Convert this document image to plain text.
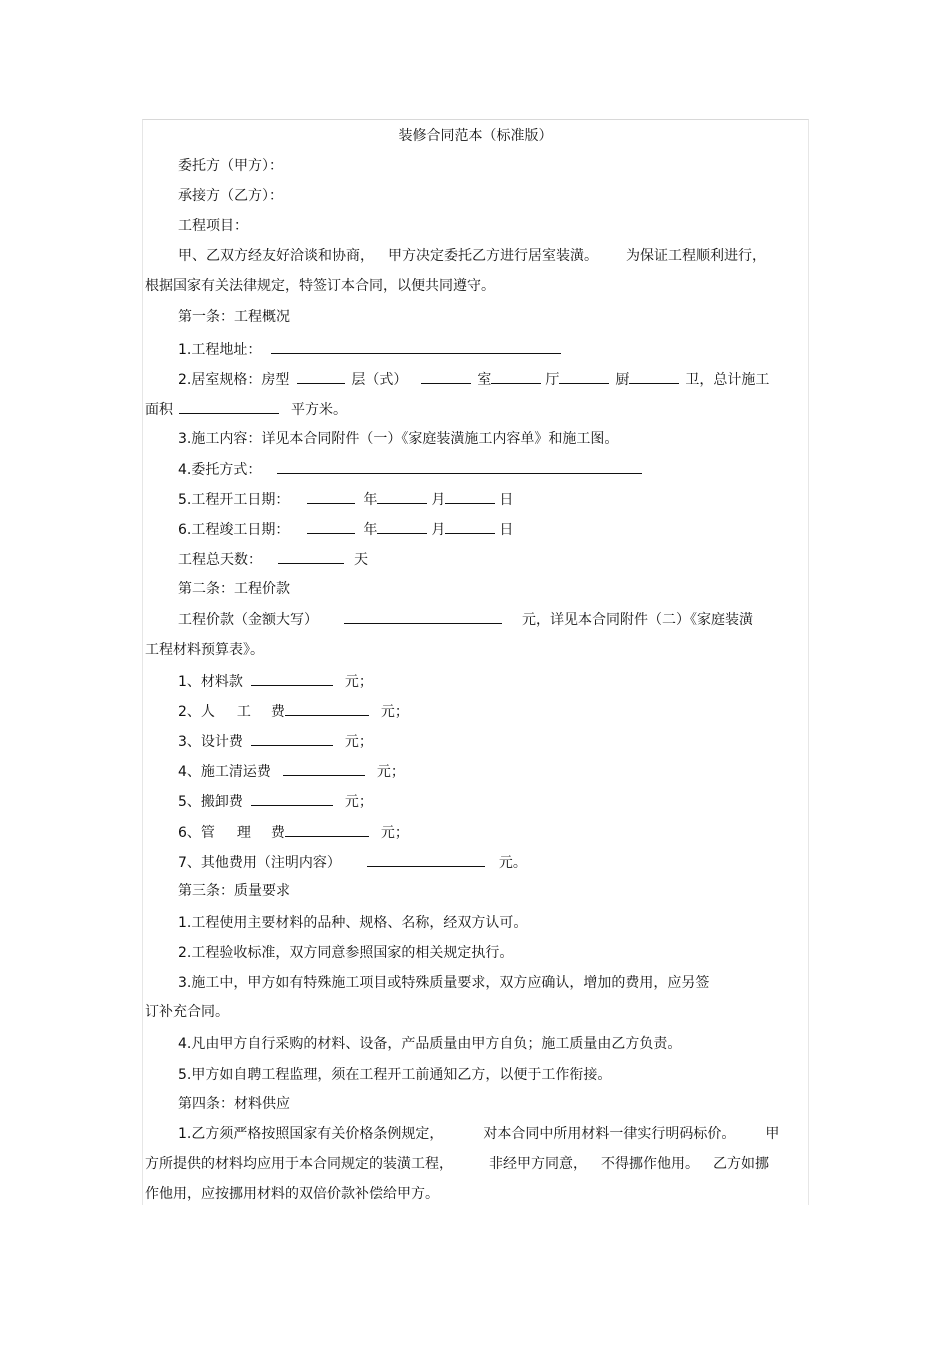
装修合同范本（标准版）
委托方（甲方）：
承接方（乙方）：
工程项目：
甲、乙双方经友好洽谈和协商， 甲方决定委托乙方进行居室装潢。 为保证工程顺利进行，
根据国家有关法律规定，特签订本合同，以便共同遵守。
第一条：工程概况
1.工程地址：
2.居室规格：房型	层（式）	室	厅	厨	卫，总计施工
面积	平方米。
3.施工内容：详见本合同附件（一）《家庭装潢施工内容单》和施工图。
4.委托方式：
5.工程开工日期：	年	月	日
6.工程竣工日期：	年	月	日
工程总天数：	天
第二条：工程价款
工程价款（金额大写）	元，详见本合同附件（二）《家庭装潢
工程材料预算表》。
1、材料款	元；
2、人 工 费	元；
3、设计费	元；
4、施工清运费	元；
5、搬卸费	元；
6、管 理 费	元；
7、其他费用（注明内容）	元。
第三条：质量要求
1.工程使用主要材料的品种、规格、名称，经双方认可。
2.工程验收标准，双方同意参照国家的相关规定执行。
3.施工中，甲方如有特殊施工项目或特殊质量要求，双方应确认，增加的费用，应另签
订补充合同。
4.凡由甲方自行采购的材料、设备，产品质量由甲方自负；施工质量由乙方负责。
5.甲方如自聘工程监理，须在工程开工前通知乙方，以便于工作衔接。
第四条：材料供应
1.乙方须严格按照国家有关价格条例规定，	对本合同中所用材料一律实行明码标价。 甲
方所提供的材料均应用于本合同规定的装潢工程，	非经甲方同意， 不得挪作他用。 乙方如挪
作他用，应按挪用材料的双倍价款补偿给甲方。
